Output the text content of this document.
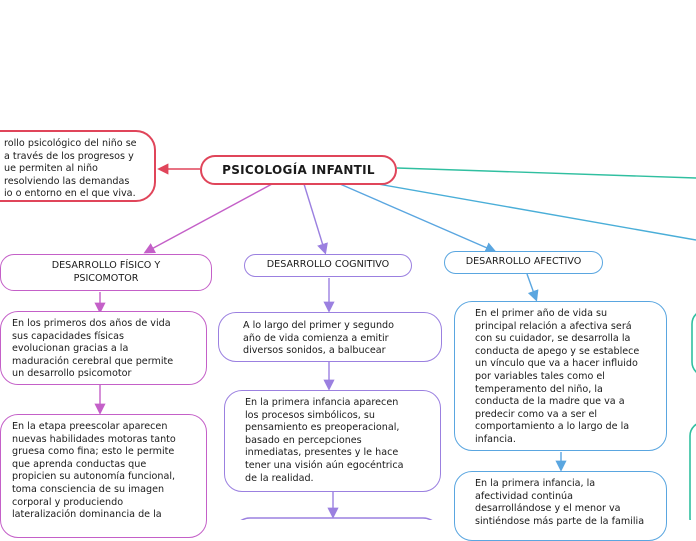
rollo psicológico del niño se
a través de los progresos y
ue permiten al niño
resolviendo las demandas
io o entorno en el que viva.
PSICOLOGÍA INFANTIL
DESARROLLO FÍSICO Y
PSICOMOTOR
En los primeros dos años de vida
sus capacidades físicas
evolucionan gracias a la
maduración cerebral que permite
un desarrollo psicomotor
En la etapa preescolar aparecen
nuevas habilidades motoras tanto
gruesa como fina; esto le permite
que aprenda conductas que
propicien su autonomía funcional,
toma consciencia de su imagen
corporal y produciendo
lateralización dominancia de la
DESARROLLO COGNITIVO
A lo largo del primer y segundo
año de vida comienza a emitir
diversos sonidos, a balbucear
En la primera infancia aparecen
los procesos simbólicos, su
pensamiento es preoperacional,
basado en percepciones
inmediatas, presentes y le hace
tener una visión aún egocéntrica
de la realidad.
DESARROLLO AFECTIVO
En el primer año de vida su
principal relación a afectiva será
con su cuidador, se desarrolla la
conducta de apego y se establece
un vínculo que va a hacer influido
por variables tales como el
temperamento del niño, la
conducta de la madre que va a
predecir como va a ser el
comportamiento a lo largo de la
infancia.
En la primera infancia, la
afectividad continúa
desarrollándose y el menor va
sintiéndose más parte de la familia
